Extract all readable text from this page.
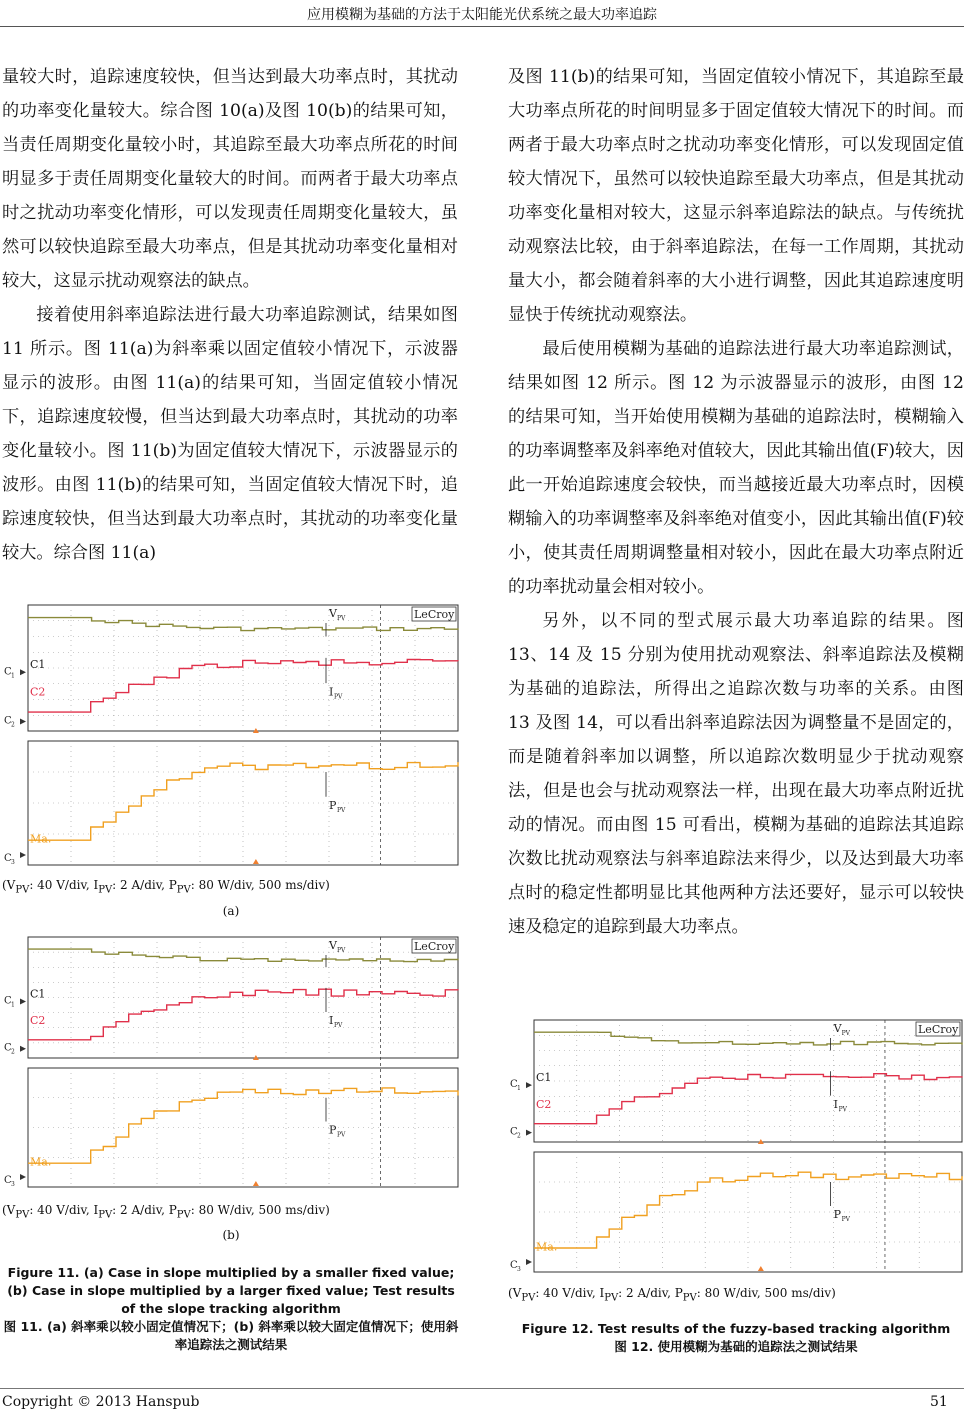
应用模糊为基础的方法于太阳能光伏系统之最大功率追踪

量较大时，追踪速度较快，但当达到最大功率点时，其扰动的功率变化量较大。综合图 10(a)及图 10(b)的结果可知，当责任周期变化量较小时，其追踪至最大功率点所花的时间明显多于责任周期变化量较大的时间。而两者于最大功率点时之扰动功率变化情形，可以发现责任周期变化量较大，虽然可以较快追踪至最大功率点，但是其扰动功率变化量相对较大，这显示扰动观察法的缺点。

接着使用斜率追踪法进行最大功率追踪测试，结果如图 11 所示。图 11(a)为斜率乘以固定值较小情况下，示波器显示的波形。由图 11(a)的结果可知，当固定值较小情况下，追踪速度较慢，但当达到最大功率点时，其扰动的功率变化量较小。图 11(b)为固定值较大情况下，示波器显示的波形。由图 11(b)的结果可知，当固定值较大情况下时，追踪速度较快，但当达到最大功率点时，其扰动的功率变化量较大。综合图 11(a)

及图 11(b)的结果可知，当固定值较小情况下，其追踪至最大功率点所花的时间明显多于固定值较大情况下的时间。而两者于最大功率点时之扰动功率变化情形，可以发现固定值较大情况下，虽然可以较快追踪至最大功率点，但是其扰动功率变化量相对较大，这显示斜率追踪法的缺点。与传统扰动观察法比较，由于斜率追踪法，在每一工作周期，其扰动量大小，都会随着斜率的大小进行调整，因此其追踪速度明显快于传统扰动观察法。

最后使用模糊为基础的追踪法进行最大功率追踪测试，结果如图 12 所示。图 12 为示波器显示的波形，由图 12 的结果可知，当开始使用模糊为基础的追踪法时，模糊输入的功率调整率及斜率绝对值较大，因此其输出值(F)较大，因此一开始追踪速度会较快，而当越接近最大功率点时，因模糊输入的功率调整率及斜率绝对值变小，因此其输出值(F)较小，使其责任周期调整量相对较小，因此在最大功率点附近的功率扰动量会相对较小。

另外，以不同的型式展示最大功率追踪的结果。图 13、14 及 15 分别为使用扰动观察法、斜率追踪法及模糊为基础的追踪法，所得出之追踪次数与功率的关系。由图 13 及图 14，可以看出斜率追踪法因为调整量不是固定的，而是随着斜率加以调整，所以追踪次数明显少于扰动观察法，但是也会与扰动观察法一样，出现在最大功率点附近扰动的情况。而由图 15 可看出，模糊为基础的追踪法其追踪次数比扰动观察法与斜率追踪法来得少，以及达到最大功率点时的稳定性都明显比其他两种方法还要好，显示可以较快速及稳定的追踪到最大功率点。

LeCroy
V PV
I PV
P PV
C1
C2
Ma.
C 1
C 2
C 3
($V_{PV}$: 40 V/div, $I_{PV}$: 2 A/div, $P_{PV}$: 80 W/div, 500 ms/div)
(a)
LeCroy
V PV
I PV
P PV
C1
C2
Ma.
C 1
C 2
C 3
($V_{PV}$: 40 V/div, $I_{PV}$: 2 A/div, $P_{PV}$: 80 W/div, 500 ms/div)
(b)
Figure 11. (a) Case in slope multiplied by a smaller fixed value; (b) Case in slope multiplied by a larger fixed value; Test results of the slope tracking algorithm
图 11. (a) 斜率乘以较小固定值情况下；(b) 斜率乘以较大固定值情况下；使用斜率追踪法之测试结果
LeCroy
V PV
I PV
P PV
C1
C2
Ma.
C 1
C 2
C 3
($V_{PV}$: 40 V/div, $I_{PV}$: 2 A/div, $P_{PV}$: 80 W/div, 500 ms/div)
Figure 12. Test results of the fuzzy-based tracking algorithm
图 12. 使用模糊为基础的追踪法之测试结果
Copyright © 2013 Hanspub	51
